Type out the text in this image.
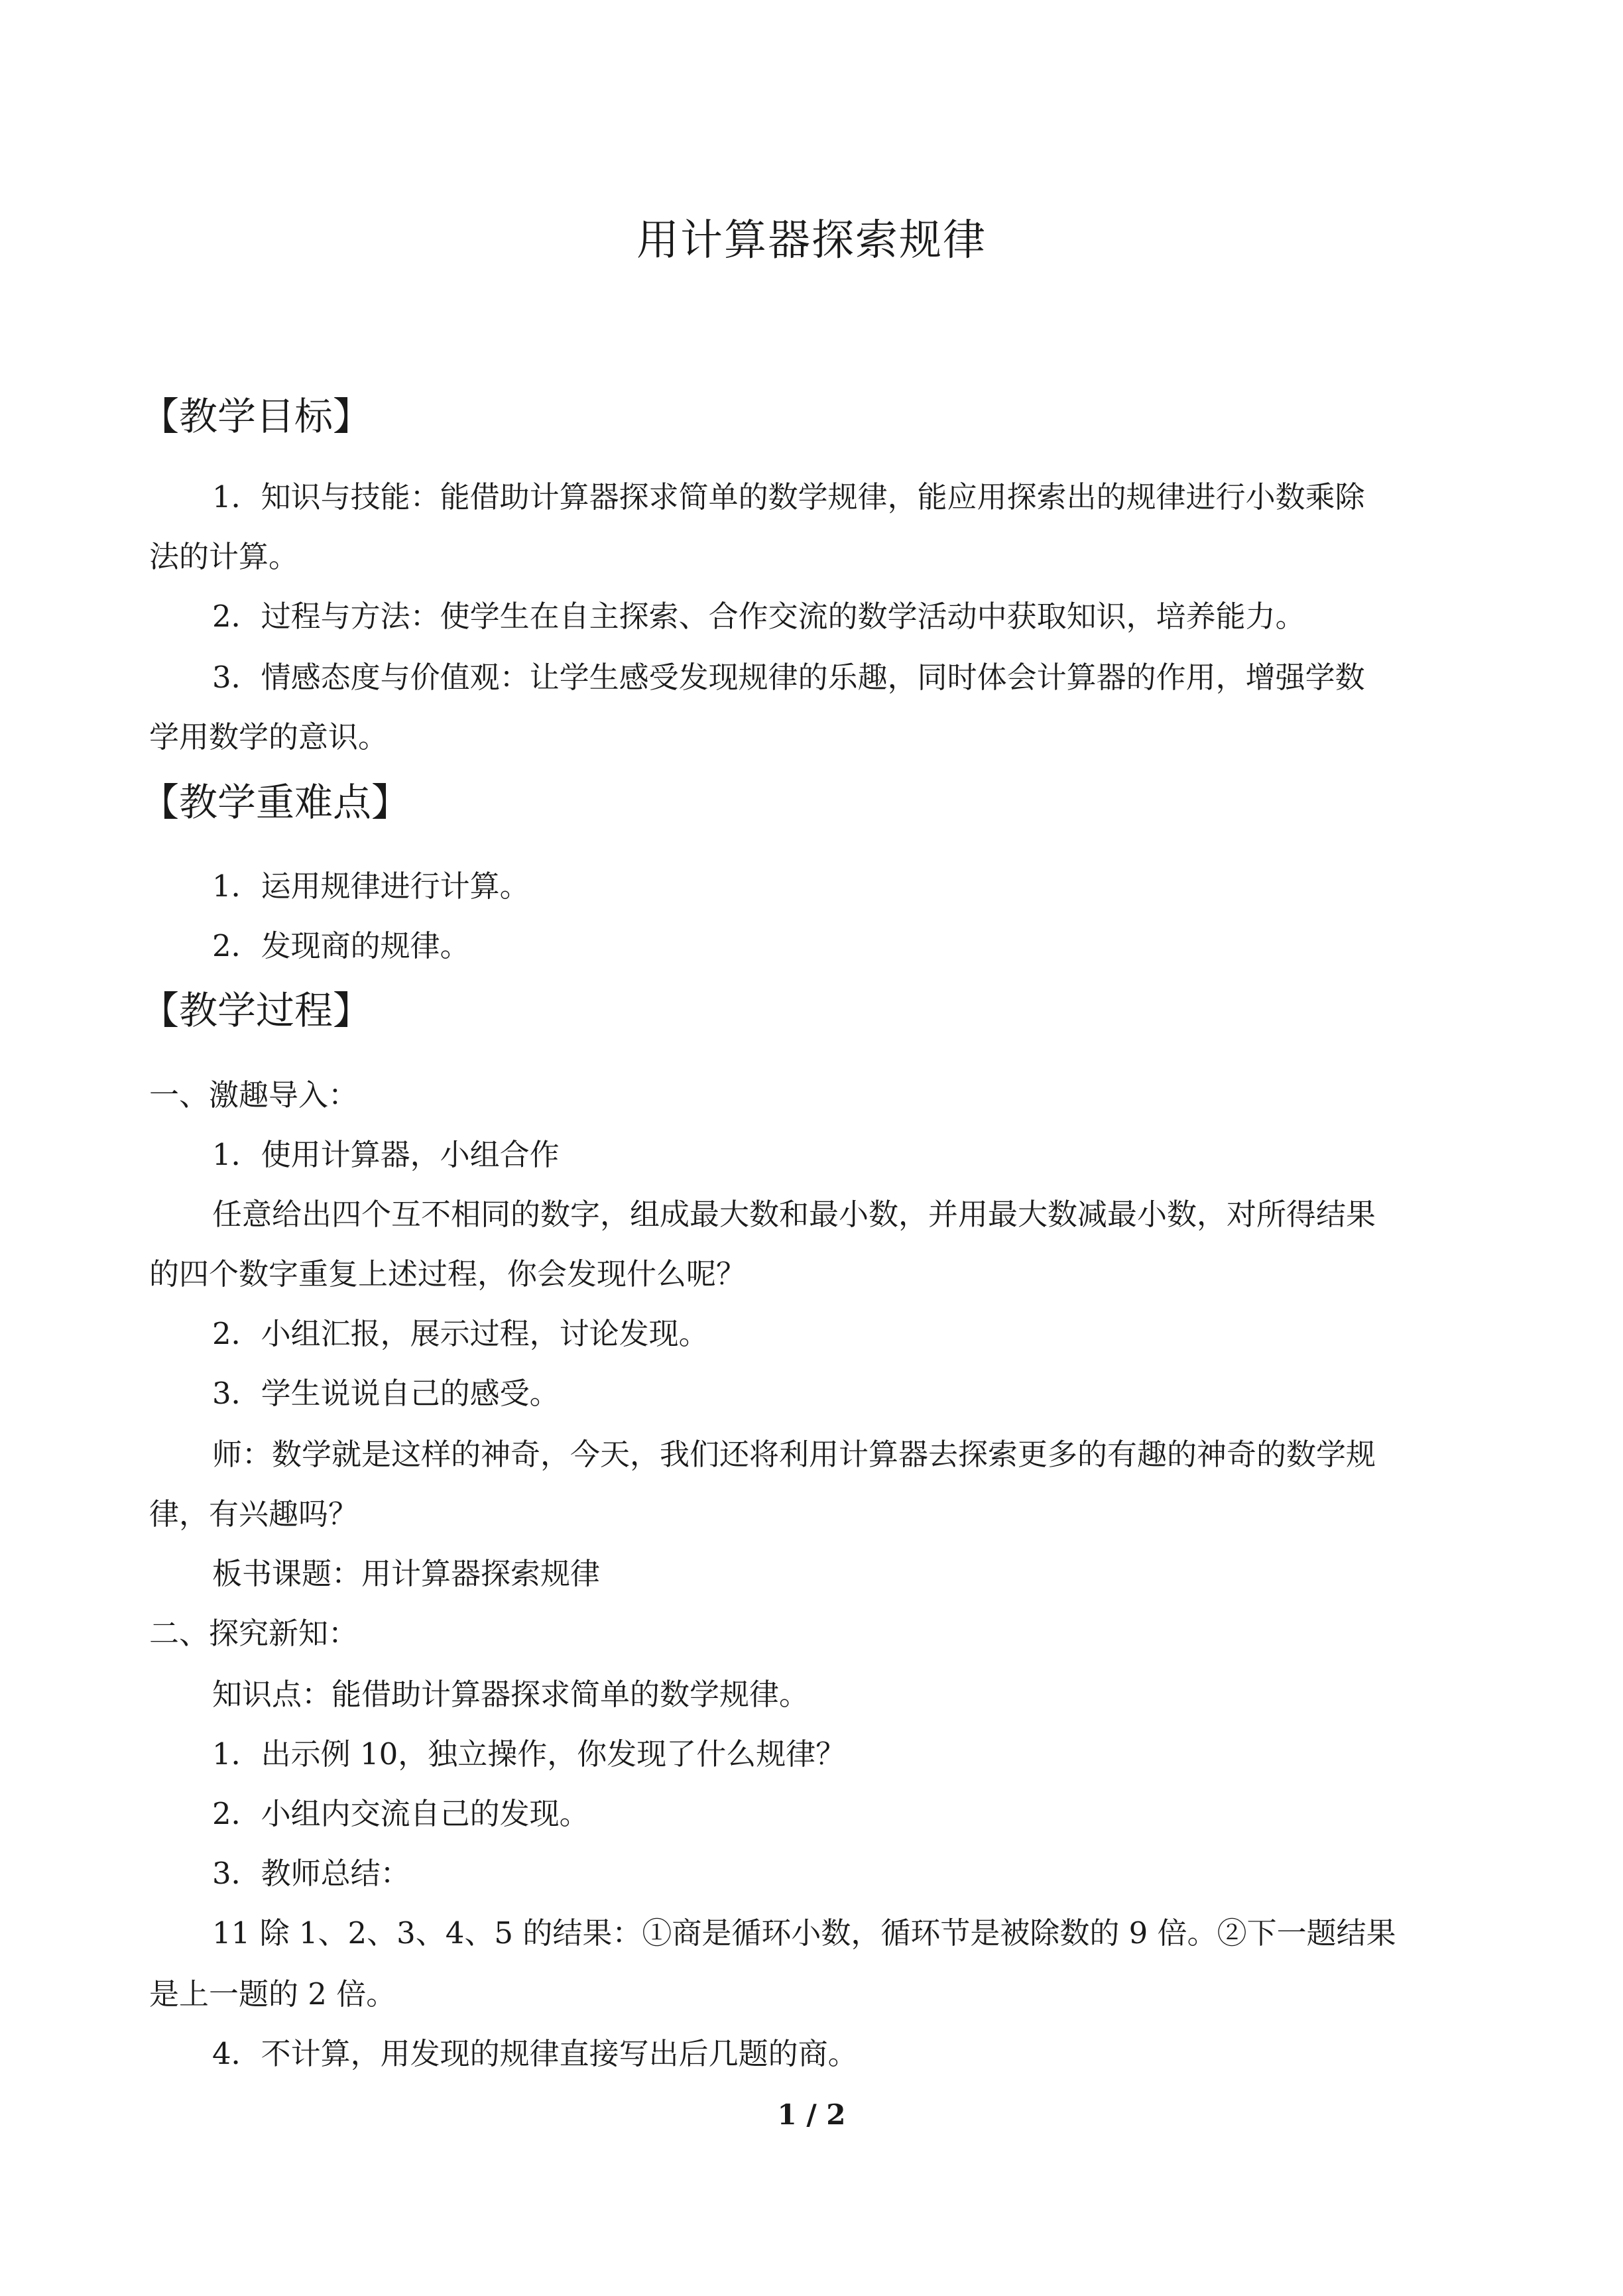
用计算器探索规律
【教学目标】
1．知识与技能：能借助计算器探求简单的数学规律，能应用探索出的规律进行小数乘除
法的计算。
2．过程与方法：使学生在自主探索、合作交流的数学活动中获取知识，培养能力。
3．情感态度与价值观：让学生感受发现规律的乐趣，同时体会计算器的作用，增强学数
学用数学的意识。
【教学重难点】
1．运用规律进行计算。
2．发现商的规律。
【教学过程】
一、激趣导入：
1．使用计算器，小组合作
任意给出四个互不相同的数字，组成最大数和最小数，并用最大数减最小数，对所得结果
的四个数字重复上述过程，你会发现什么呢？
2．小组汇报，展示过程，讨论发现。
3．学生说说自己的感受。
师：数学就是这样的神奇，今天，我们还将利用计算器去探索更多的有趣的神奇的数学规
律，有兴趣吗？
板书课题：用计算器探索规律
二、探究新知：
知识点：能借助计算器探求简单的数学规律。
1．出示例 10，独立操作，你发现了什么规律？
2．小组内交流自己的发现。
3．教师总结：
11 除 1、2、3、4、5 的结果：①商是循环小数，循环节是被除数的 9 倍。②下一题结果
是上一题的 2 倍。
4．不计算，用发现的规律直接写出后几题的商。
1 / 2
